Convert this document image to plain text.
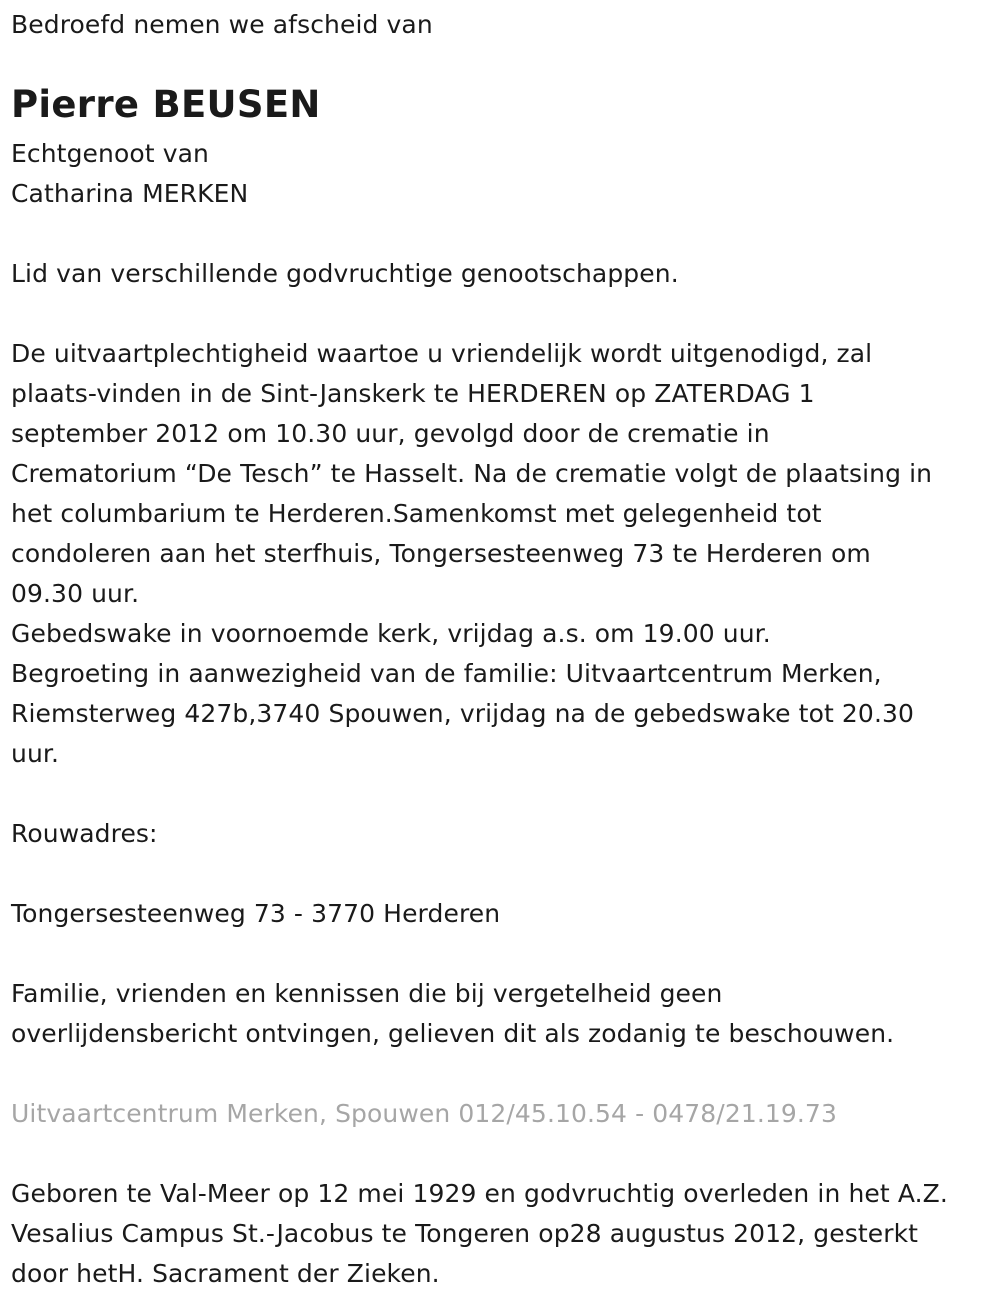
Bedroefd nemen we afscheid van
Pierre BEUSEN
Echtgenoot van
Catharina MERKEN
Lid van verschillende godvruchtige genootschappen.
De uitvaartplechtigheid waartoe u vriendelijk wordt uitgenodigd, zal
plaats-vinden in de Sint-Janskerk te HERDEREN op ZATERDAG 1
september 2012 om 10.30 uur, gevolgd door de crematie in
Crematorium “De Tesch” te Hasselt. Na de crematie volgt de plaatsing in
het columbarium te Herderen.Samenkomst met gelegenheid tot
condoleren aan het sterfhuis, Tongersesteenweg 73 te Herderen om
09.30 uur.
Gebedswake in voornoemde kerk, vrijdag a.s. om 19.00 uur.
Begroeting in aanwezigheid van de familie: Uitvaartcentrum Merken,
Riemsterweg 427b,3740 Spouwen, vrijdag na de gebedswake tot 20.30
uur.
Rouwadres:
Tongersesteenweg 73 - 3770 Herderen
Familie, vrienden en kennissen die bij vergetelheid geen
overlijdensbericht ontvingen, gelieven dit als zodanig te beschouwen.
Uitvaartcentrum Merken, Spouwen 012/45.10.54 - 0478/21.19.73
Geboren te Val-Meer op 12 mei 1929 en godvruchtig overleden in het A.Z.
Vesalius Campus St.-Jacobus te Tongeren op28 augustus 2012, gesterkt
door hetH. Sacrament der Zieken.
